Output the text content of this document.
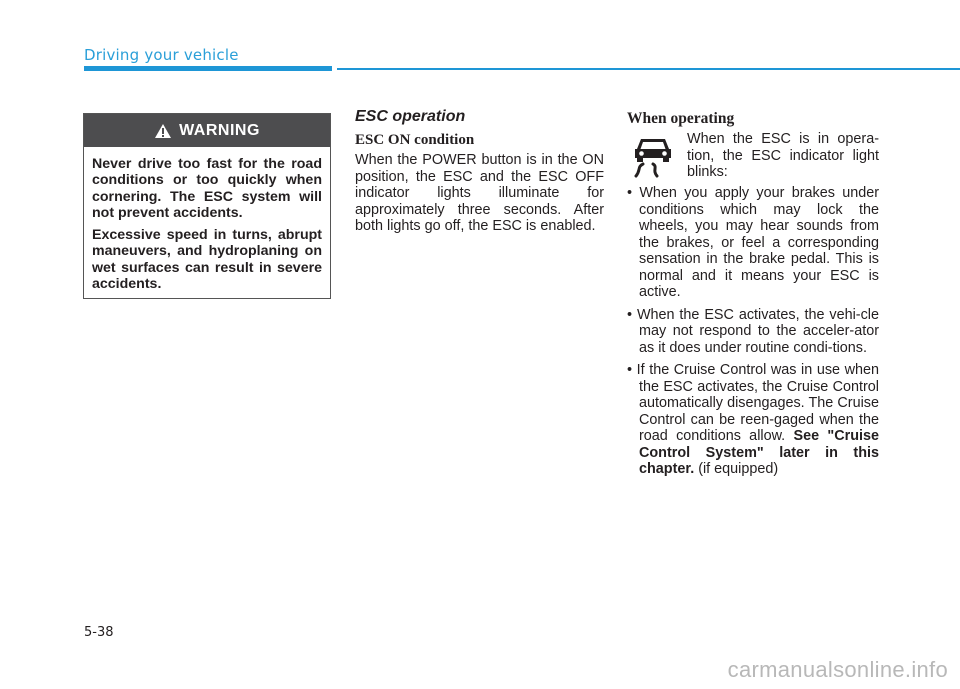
Driving your vehicle
WARNING

Never drive too fast for the road conditions or too quickly when cornering. The ESC system will not prevent accidents.

Excessive speed in turns, abrupt maneuvers, and hydroplaning on wet surfaces can result in severe accidents.

ESC operation
ESC ON condition

When the POWER button is in the ON position, the ESC and the ESC OFF indicator lights illuminate for approximately three seconds. After both lights go off, the ESC is enabled.

When operating

When the ESC is in opera-tion, the ESC indicator light blinks:

• When you apply your brakes under conditions which may lock the wheels, you may hear sounds from the brakes, or feel a corresponding sensation in the brake pedal. This is normal and it means your ESC is active.
• When the ESC activates, the vehi-cle may not respond to the acceler-ator as it does under routine condi-tions.
• If the Cruise Control was in use when the ESC activates, the Cruise Control automatically disengages. The Cruise Control can be reen-gaged when the road conditions allow. See "Cruise Control System" later in this chapter. (if equipped)
5-38
carmanualsonline.info
